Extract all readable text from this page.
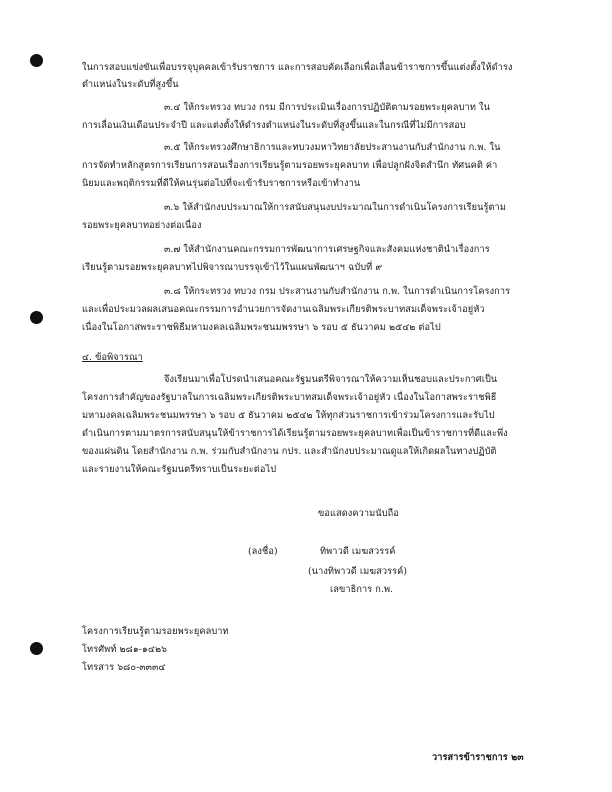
ในการสอบแข่งขันเพื่อบรรจุบุคคลเข้ารับราชการ และการสอบคัดเลือกเพื่อเลื่อนข้าราชการขึ้นแต่งตั้งให้ดำรง
ตำแหน่งในระดับที่สูงขึ้น
๓.๔ ให้กระทรวง ทบวง กรม มีการประเมินเรื่องการปฏิบัติตามรอยพระยุคลบาท ใน
การเลื่อนเงินเดือนประจำปี และแต่งตั้งให้ดำรงตำแหน่งในระดับที่สูงขึ้นและในกรณีที่ไม่มีการสอบ
๓.๕ ให้กระทรวงศึกษาธิการและทบวงมหาวิทยาลัยประสานงานกับสำนักงาน ก.พ. ใน
การจัดทำหลักสูตรการเรียนการสอนเรื่องการเรียนรู้ตามรอยพระยุคลบาท เพื่อปลูกฝังจิตสำนึก ทัศนคติ ค่า
นิยมและพฤติกรรมที่ดีให้คนรุ่นต่อไปที่จะเข้ารับราชการหรือเข้าทำงาน
๓.๖ ให้สำนักงบประมาณให้การสนับสนุนงบประมาณในการดำเนินโครงการเรียนรู้ตาม
รอยพระยุคลบาทอย่างต่อเนื่อง
๓.๗ ให้สำนักงานคณะกรรมการพัฒนาการเศรษฐกิจและสังคมแห่งชาตินำเรื่องการ
เรียนรู้ตามรอยพระยุคลบาทไปพิจารณาบรรจุเข้าไว้ในแผนพัฒนาฯ ฉบับที่ ๙
๓.๘ ให้กระทรวง ทบวง กรม ประสานงานกับสำนักงาน ก.พ. ในการดำเนินการโครงการ
และเพื่อประมวลผลเสนอคณะกรรมการอำนวยการจัดงานเฉลิมพระเกียรติพระบาทสมเด็จพระเจ้าอยู่หัว
เนื่องในโอกาสพระราชพิธีมหามงคลเฉลิมพระชนมพรรษา ๖ รอบ ๕ ธันวาคม ๒๕๔๒ ต่อไป
๔. ข้อพิจารณา
จึงเรียนมาเพื่อโปรดนำเสนอคณะรัฐมนตรีพิจารณาให้ความเห็นชอบและประกาศเป็น
โครงการสำคัญของรัฐบาลในการเฉลิมพระเกียรติพระบาทสมเด็จพระเจ้าอยู่หัว เนื่องในโอกาสพระราชพิธี
มหามงคลเฉลิมพระชนมพรรษา ๖ รอบ ๕ ธันวาคม ๒๕๔๒ ให้ทุกส่วนราชการเข้าร่วมโครงการและรับไป
ดำเนินการตามมาตรการสนับสนุนให้ข้าราชการได้เรียนรู้ตามรอยพระยุคลบาทเพื่อเป็นข้าราชการที่ดีและพึ่ง
ของแผ่นดิน โดยสำนักงาน ก.พ. ร่วมกับสำนักงาน กปร. และสำนักงบประมาณดูแลให้เกิดผลในทางปฏิบัติ
และรายงานให้คณะรัฐมนตรีทราบเป็นระยะต่อไป
ขอแสดงความนับถือ
(ลงชื่อ)	ทิพาวดี เมฆสวรรค์
(นางทิพาวดี เมฆสวรรค์)
เลขาธิการ ก.พ.
โครงการเรียนรู้ตามรอยพระยุคลบาท
โทรศัพท์ ๒๘๑-๑๔๒๖
โทรสาร ๖๘๐-๓๓๓๔
วารสารข้าราชการ ๒๓
